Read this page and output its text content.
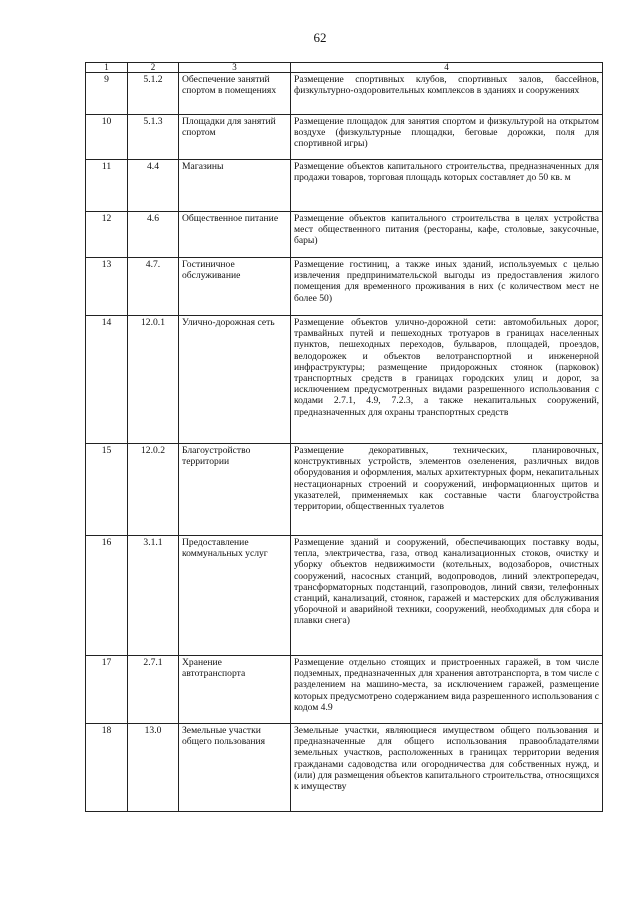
62
1	2	3	4
9	5.1.2	Обеспечение занятий спортом в помещениях	Размещение спортивных клубов, спортивных залов, бассейнов, физкультурно-оздоровительных комплексов в зданиях и сооружениях
10	5.1.3	Площадки для занятий спортом	Размещение площадок для занятия спортом и физкультурой на открытом воздухе (физкультурные площадки, беговые дорожки, поля для спортивной игры)
11	4.4	Магазины	Размещение объектов капитального строительства, предназначенных для продажи товаров, торговая площадь которых составляет до 50 кв. м
12	4.6	Общественное питание	Размещение объектов капитального строительства в целях устройства мест общественного питания (рестораны, кафе, столовые, закусочные, бары)
13	4.7.	Гостиничное обслуживание	Размещение гостиниц, а также иных зданий, используемых с целью извлечения предпринимательской выгоды из предоставления жилого помещения для временного проживания в них (с количеством мест не более 50)
14	12.0.1	Улично-дорожная сеть	Размещение объектов улично-дорожной сети: автомобильных дорог, трамвайных путей и пешеходных тротуаров в границах населенных пунктов, пешеходных переходов, бульваров, площадей, проездов, велодорожек и объектов велотранспортной и инженерной инфраструктуры; размещение придорожных стоянок (парковок) транспортных средств в границах городских улиц и дорог, за исключением предусмотренных видами разрешенного использования с кодами 2.7.1, 4.9, 7.2.3, а также некапитальных сооружений, предназначенных для охраны транспортных средств
15	12.0.2	Благоустройство территории	Размещение декоративных, технических, планировочных, конструктивных устройств, элементов озеленения, различных видов оборудования и оформления, малых архитектурных форм, некапитальных нестационарных строений и сооружений, информационных щитов и указателей, применяемых как составные части благоустройства территории, общественных туалетов
16	3.1.1	Предоставление коммунальных услуг	Размещение зданий и сооружений, обеспечивающих поставку воды, тепла, электричества, газа, отвод канализационных стоков, очистку и уборку объектов недвижимости (котельных, водозаборов, очистных сооружений, насосных станций, водопроводов, линий электропередач, трансформаторных подстанций, газопроводов, линий связи, телефонных станций, канализаций, стоянок, гаражей и мастерских для обслуживания уборочной и аварийной техники, сооружений, необходимых для сбора и плавки снега)
17	2.7.1	Хранение автотранспорта	Размещение отдельно стоящих и пристроенных гаражей, в том числе подземных, предназначенных для хранения автотранспорта, в том числе с разделением на машино-места, за исключением гаражей, размещение которых предусмотрено содержанием вида разрешенного использования с кодом 4.9
18	13.0	Земельные участки общего пользования	Земельные участки, являющиеся имуществом общего пользования и предназначенные для общего использования правообладателями земельных участков, расположенных в границах территории ведения гражданами садоводства или огородничества для собственных нужд, и (или) для размещения объектов капитального строительства, относящихся к имуществу
